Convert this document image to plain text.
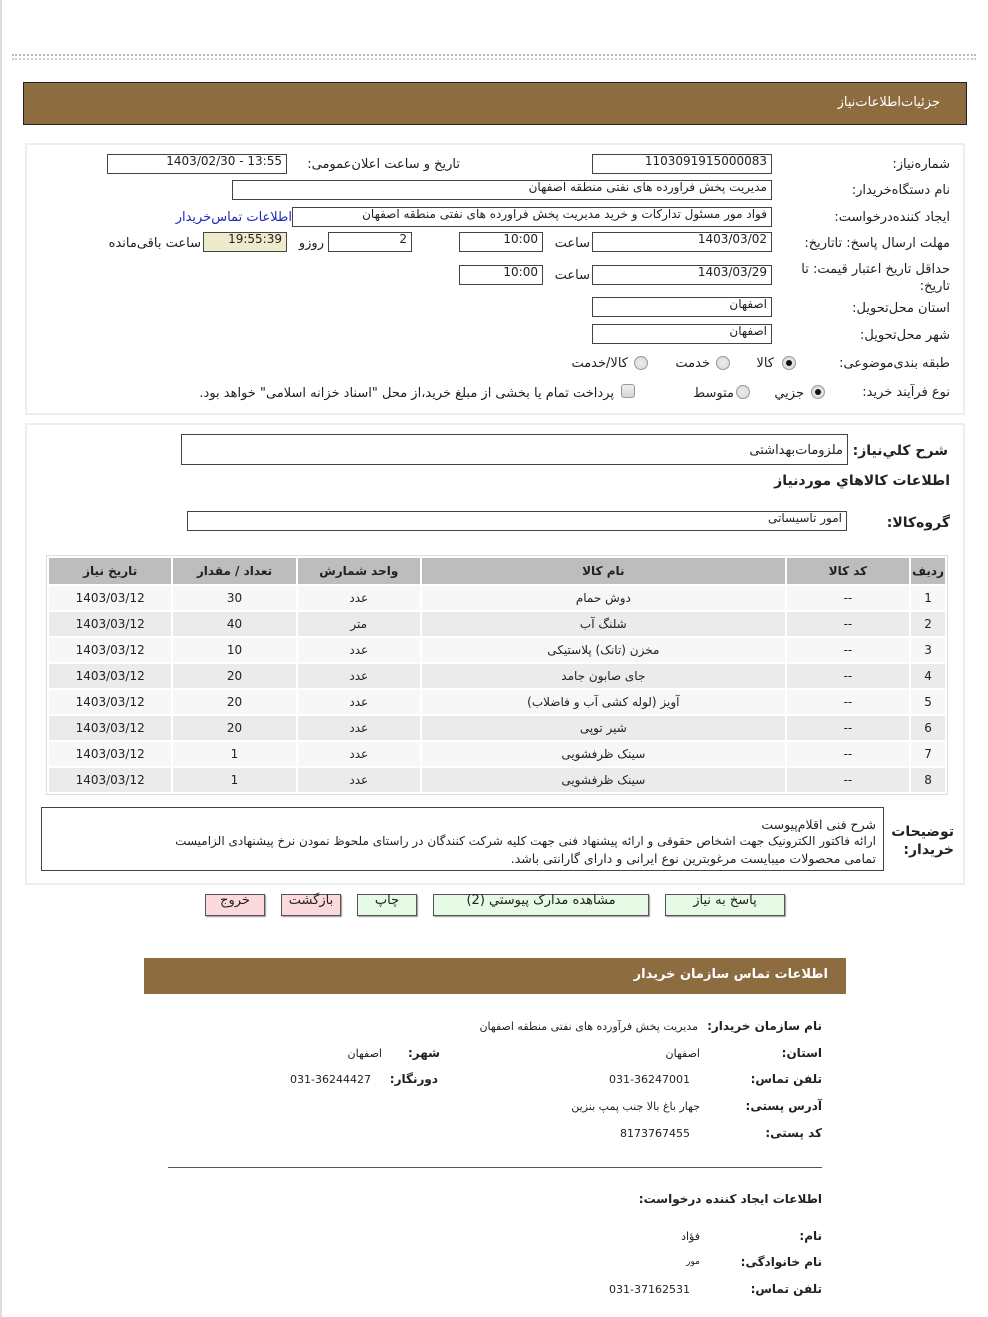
جزئیات‌اطلاعات‌نیاز
شماره‌نیاز:
1103091915000083
تاریخ و ساعت اعلان‌عمومی:
1403/02/30 - 13:55
نام دستگاه‌خریدار:
مدیریت پخش فراورده های نفتی منطقه اصفهان
ایجاد کننده‌درخواست:
فواد مور مسئول تدارکات و خرید مدیریت پخش فراورده های نفتی منطقه اصفهان
اطلاعات تماس‌خریدار
مهلت ارسال پاسخ: تاتاریخ:
1403/03/02
ساعت
10:00
2
روزو
19:55:39
ساعت باقی‌مانده
حداقل تاریخ اعتبار قیمت: تا تاریخ:
1403/03/29
ساعت
10:00
استان محل‌تحویل:
اصفهان
شهر محل‌تحویل:
اصفهان
طبقه بندی‌موضوعی:
کالا
خدمت
کالا/خدمت
نوع فرآیند خرید:
جزیي
متوسط
پرداخت تمام یا بخشی از مبلغ خرید،از محل "اسناد خزانه اسلامی" خواهد بود.
شرح کلي‌نیاز:
ملزومات‌بهداشتی
اطلاعات کالاهاي مورد‌نیاز
گروه‌کالا:
امور تاسیساتی
ردیف	کد کالا	نام کالا	واحد شمارش	تعداد / مقدار	تاریخ نیاز
1	--	دوش حمام	عدد	30	1403/03/12
2	--	شلنگ آب	متر	40	1403/03/12
3	--	مخزن (تانک) پلاستیکی	عدد	10	1403/03/12
4	--	جای صابون جامد	عدد	20	1403/03/12
5	--	آویز (لوله کشی آب و فاضلاب)	عدد	20	1403/03/12
6	--	شیر توپی	عدد	20	1403/03/12
7	--	سینک ظرفشویی	عدد	1	1403/03/12
8	--	سینک ظرفشویی	عدد	1	1403/03/12
توضیحات خریدار:
شرح فنی اقلام‌پیوست
ارائه فاکتور الکترونیک جهت اشخاص حقوقی و ارائه پیشنهاد فنی جهت کلیه شرکت کنندگان در راستای ملحوظ نمودن نرخ پیشنهادی الزامیست
تمامی محصولات میبایست مرغوبترین نوع ایرانی و دارای گارانتی باشد.
پاسخ به نیاز
مشاهده مدارک پیوستي (2)
چاپ
بازگشت
خروج
اطلاعات تماس سازمان خریدار
نام سازمان خریدار:
مدیریت پخش فرآورده های نفتی منطقه اصفهان
استان:
اصفهان
شهر:
اصفهان
تلفن تماس:
031-36247001
دورنگار:
031-36244427
آدرس پستی:
جهار باغ بالا جنب پمپ بنزین
کد پستی:
8173767455
اطلاعات ایجاد کننده درخواست:
نام:
فؤاد
نام خانوادگی:
مور
تلفن تماس:
031-37162531
